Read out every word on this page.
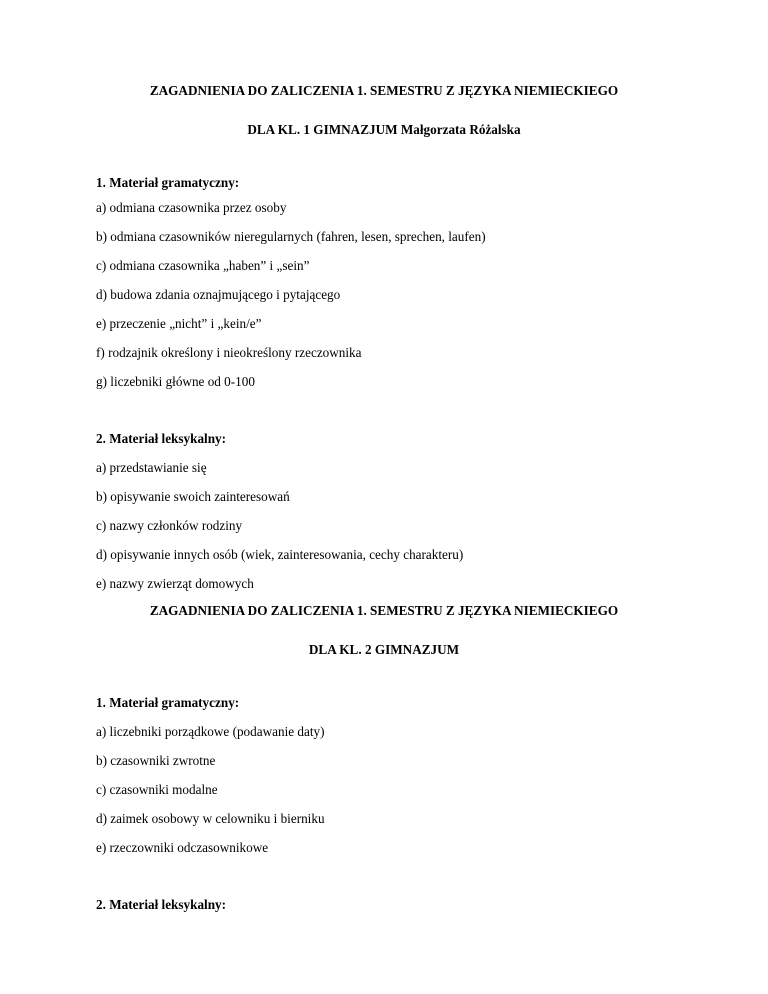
ZAGADNIENIA DO ZALICZENIA 1. SEMESTRU Z JĘZYKA NIEMIECKIEGO
DLA KL. 1 GIMNAZJUM Małgorzata Różalska
1. Materiał gramatyczny:
a) odmiana czasownika przez osoby
b) odmiana czasowników nieregularnych (fahren, lesen, sprechen, laufen)
c) odmiana czasownika „haben” i „sein”
d) budowa zdania oznajmującego i pytającego
e) przeczenie „nicht” i „kein/e”
f) rodzajnik określony i nieokreślony rzeczownika
g) liczebniki główne od 0-100
2. Materiał leksykalny:
a) przedstawianie się
b) opisywanie swoich zainteresowań
c) nazwy członków rodziny
d) opisywanie innych osób (wiek, zainteresowania, cechy charakteru)
e) nazwy zwierząt domowych
ZAGADNIENIA DO ZALICZENIA 1. SEMESTRU Z JĘZYKA NIEMIECKIEGO
DLA KL. 2 GIMNAZJUM
1. Materiał gramatyczny:
a) liczebniki porządkowe (podawanie daty)
b) czasowniki zwrotne
c) czasowniki modalne
d) zaimek osobowy w celowniku i bierniku
e) rzeczowniki odczasownikowe
2. Materiał leksykalny:
